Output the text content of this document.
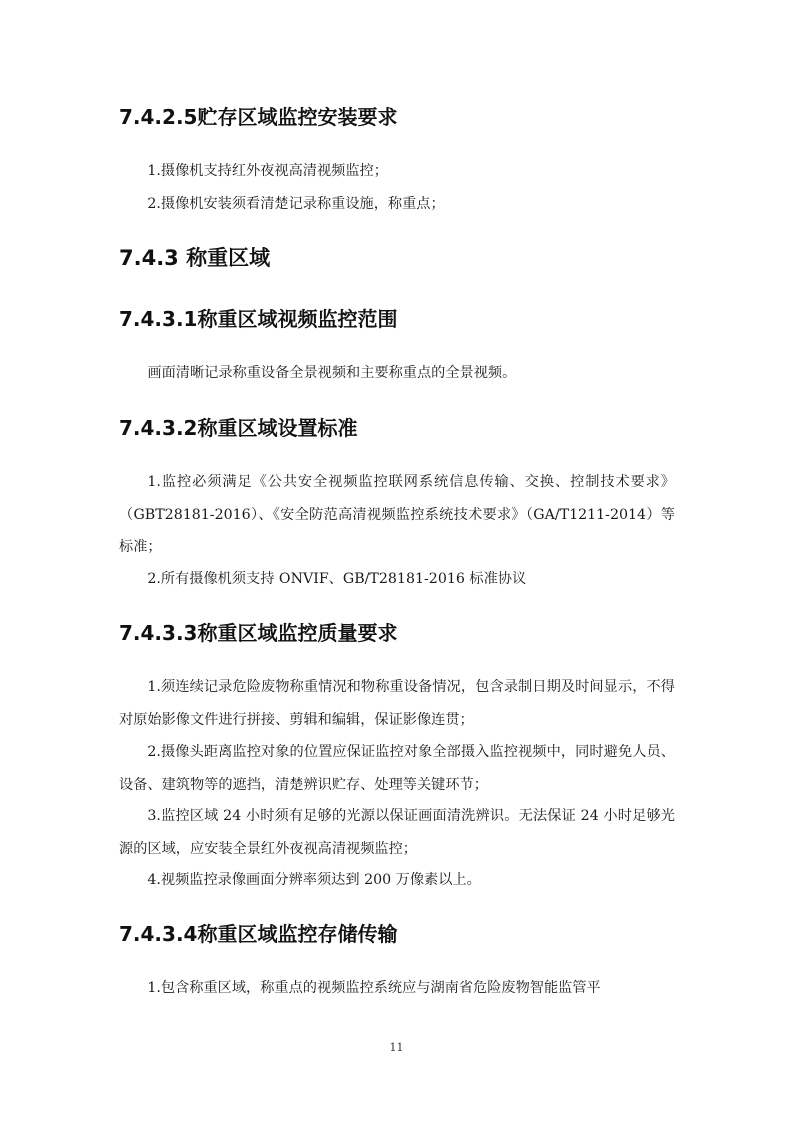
7.4.2.5贮存区域监控安装要求

1.摄像机支持红外夜视高清视频监控；

2.摄像机安装须看清楚记录称重设施，称重点；

7.4.3 称重区域
7.4.3.1称重区域视频监控范围

画面清晰记录称重设备全景视频和主要称重点的全景视频。

7.4.3.2称重区域设置标准

1.监控必须满足《公共安全视频监控联网系统信息传输、交换、控制技术要求》（GBT28181-2016）、《安全防范高清视频监控系统技术要求》（GA/T1211-2014）等标准；

2.所有摄像机须支持 ONVIF、GB/T28181-2016 标准协议

7.4.3.3称重区域监控质量要求

1.须连续记录危险废物称重情况和物称重设备情况，包含录制日期及时间显示，不得对原始影像文件进行拼接、剪辑和编辑，保证影像连贯；

2.摄像头距离监控对象的位置应保证监控对象全部摄入监控视频中，同时避免人员、设备、建筑物等的遮挡，清楚辨识贮存、处理等关键环节；

3.监控区域 24 小时须有足够的光源以保证画面清洗辨识。无法保证 24 小时足够光源的区域，应安装全景红外夜视高清视频监控；

4.视频监控录像画面分辨率须达到 200 万像素以上。

7.4.3.4称重区域监控存储传输

1.包含称重区域，称重点的视频监控系统应与湖南省危险废物智能监管平

11
